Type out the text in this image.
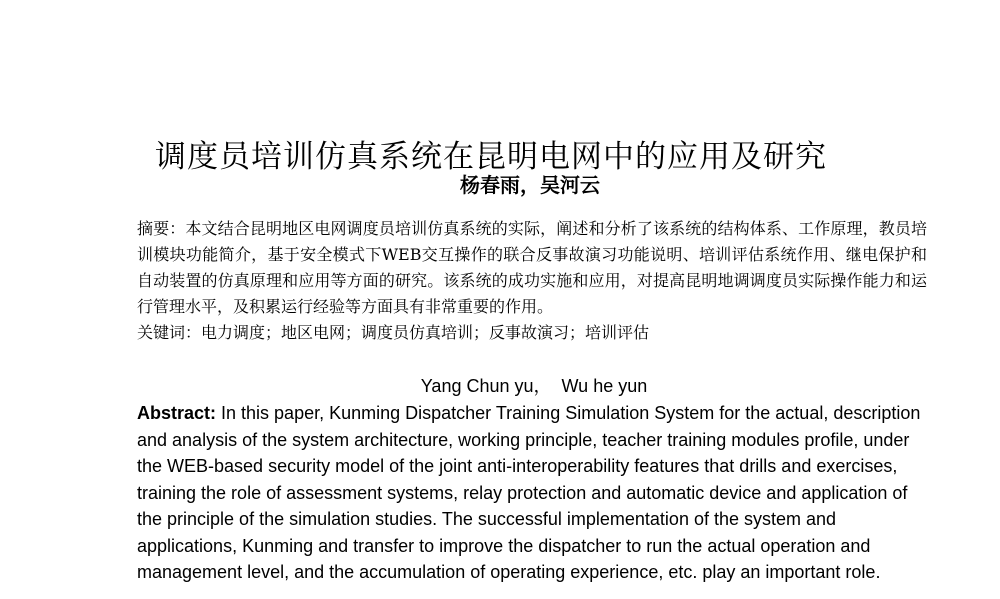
调度员培训仿真系统在昆明电网中的应用及研究
杨春雨，吴河云

摘要：本文结合昆明地区电网调度员培训仿真系统的实际，阐述和分析了该系统的结构体系、工作原理，教员培训模块功能简介，基于安全模式下WEB交互操作的联合反事故演习功能说明、培训评估系统作用、继电保护和自动装置的仿真原理和应用等方面的研究。该系统的成功实施和应用，对提高昆明地调调度员实际操作能力和运行管理水平，及积累运行经验等方面具有非常重要的作用。

关键词：电力调度；地区电网；调度员仿真培训；反事故演习；培训评估

Yang Chun yu，  Wu he yun

Abstract: In this paper, Kunming Dispatcher Training Simulation System for the actual, description and analysis of the system architecture, working principle, teacher training modules profile, under the WEB-based security model of the joint anti-interoperability features that drills and exercises, training the role of assessment systems, relay protection and automatic device and application of the principle of the simulation studies. The successful implementation of the system and applications, Kunming and transfer to improve the dispatcher to run the actual operation and management level, and the accumulation of operating experience, etc. play an important role.
